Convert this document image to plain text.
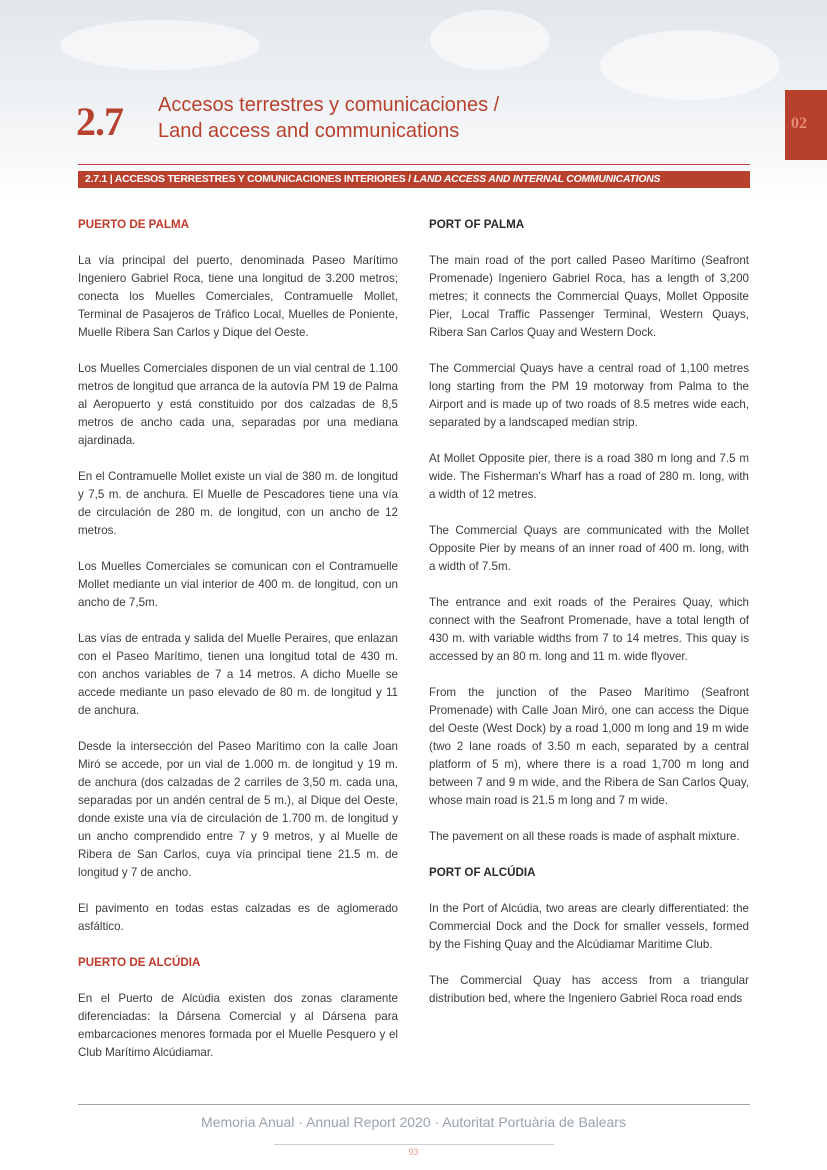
2.7 Accesos terrestres y comunicaciones /
Land access and communications	02
2.7.1 | ACCESOS TERRESTRES Y COMUNICACIONES INTERIORES / LAND ACCESS AND INTERNAL COMMUNICATIONS
PUERTO DE PALMA

La vía principal del puerto, denominada Paseo Marítimo Ingeniero Gabriel Roca, tiene una longitud de 3.200 metros; conecta los Muelles Comerciales, Contramuelle Mollet, Terminal de Pasajeros de Tráfico Local, Muelles de Poniente, Muelle Ribera San Carlos y Dique del Oeste.

Los Muelles Comerciales disponen de un vial central de 1.100 metros de longitud que arranca de la autovía PM 19 de Palma al Aeropuerto y está constituido por dos calzadas de 8,5 metros de ancho cada una, separadas por una mediana ajardinada.

En el Contramuelle Mollet existe un vial de 380 m. de longitud y 7,5 m. de anchura. El Muelle de Pescadores tiene una vía de circulación de 280 m. de longitud, con un ancho de 12 metros.

Los Muelles Comerciales se comunican con el Contramuelle Mollet mediante un vial interior de 400 m. de longitud, con un ancho de 7,5m.

Las vías de entrada y salida del Muelle Peraires, que enlazan con el Paseo Marítimo, tienen una longitud total de 430 m. con anchos variables de 7 a 14 metros. A dicho Muelle se accede mediante un paso elevado de 80 m. de longitud y 11 de anchura.

Desde la intersección del Paseo Marítimo con la calle Joan Miró se accede, por un vial de 1.000 m. de longitud y 19 m. de anchura (dos calzadas de 2 carriles de 3,50 m. cada una, separadas por un andén central de 5 m.), al Dique del Oeste, donde existe una vía de circulación de 1.700 m. de longitud y un ancho comprendido entre 7 y 9 metros, y al Muelle de Ribera de San Carlos, cuya vía principal tiene 21.5 m. de longitud y 7 de ancho.

El pavimento en todas estas calzadas es de aglomerado asfáltico.

PUERTO DE ALCÚDIA

En el Puerto de Alcúdia existen dos zonas claramente diferenciadas: la Dársena Comercial y al Dársena para embarcaciones menores formada por el Muelle Pesquero y el Club Marítimo Alcúdiamar.

PORT OF PALMA

The main road of the port called Paseo Marítimo (Seafront Promenade) Ingeniero Gabriel Roca, has a length of 3,200 metres; it connects the Commercial Quays, Mollet Opposite Pier, Local Traffic Passenger Terminal, Western Quays, Ribera San Carlos Quay and Western Dock.

The Commercial Quays have a central road of 1,100 metres long starting from the PM 19 motorway from Palma to the Airport and is made up of two roads of 8.5 metres wide each, separated by a landscaped median strip.

At Mollet Opposite pier, there is a road 380 m long and 7.5 m wide. The Fisherman's Wharf has a road of 280 m. long, with a width of 12 metres.

The Commercial Quays are communicated with the Mollet Opposite Pier by means of an inner road of 400 m. long, with a width of 7.5m.

The entrance and exit roads of the Peraires Quay, which connect with the Seafront Promenade, have a total length of 430 m. with variable widths from 7 to 14 metres. This quay is accessed by an 80 m. long and 11 m. wide flyover.

From the junction of the Paseo Marítimo (Seafront Promenade) with Calle Joan Miró, one can access the Dique del Oeste (West Dock) by a road 1,000 m long and 19 m wide (two 2 lane roads of 3.50 m each, separated by a central platform of 5 m), where there is a road 1,700 m long and between 7 and 9 m wide, and the Ribera de San Carlos Quay, whose main road is 21.5 m long and 7 m wide.

The pavement on all these roads is made of asphalt mixture.

PORT OF ALCÚDIA

In the Port of Alcúdia, two areas are clearly differentiated: the Commercial Dock and the Dock for smaller vessels, formed by the Fishing Quay and the Alcúdiamar Maritime Club.

The Commercial Quay has access from a triangular distribution bed, where the Ingeniero Gabriel Roca road ends

Memoria Anual · Annual Report 2020 · Autoritat Portuària de Balears
93
